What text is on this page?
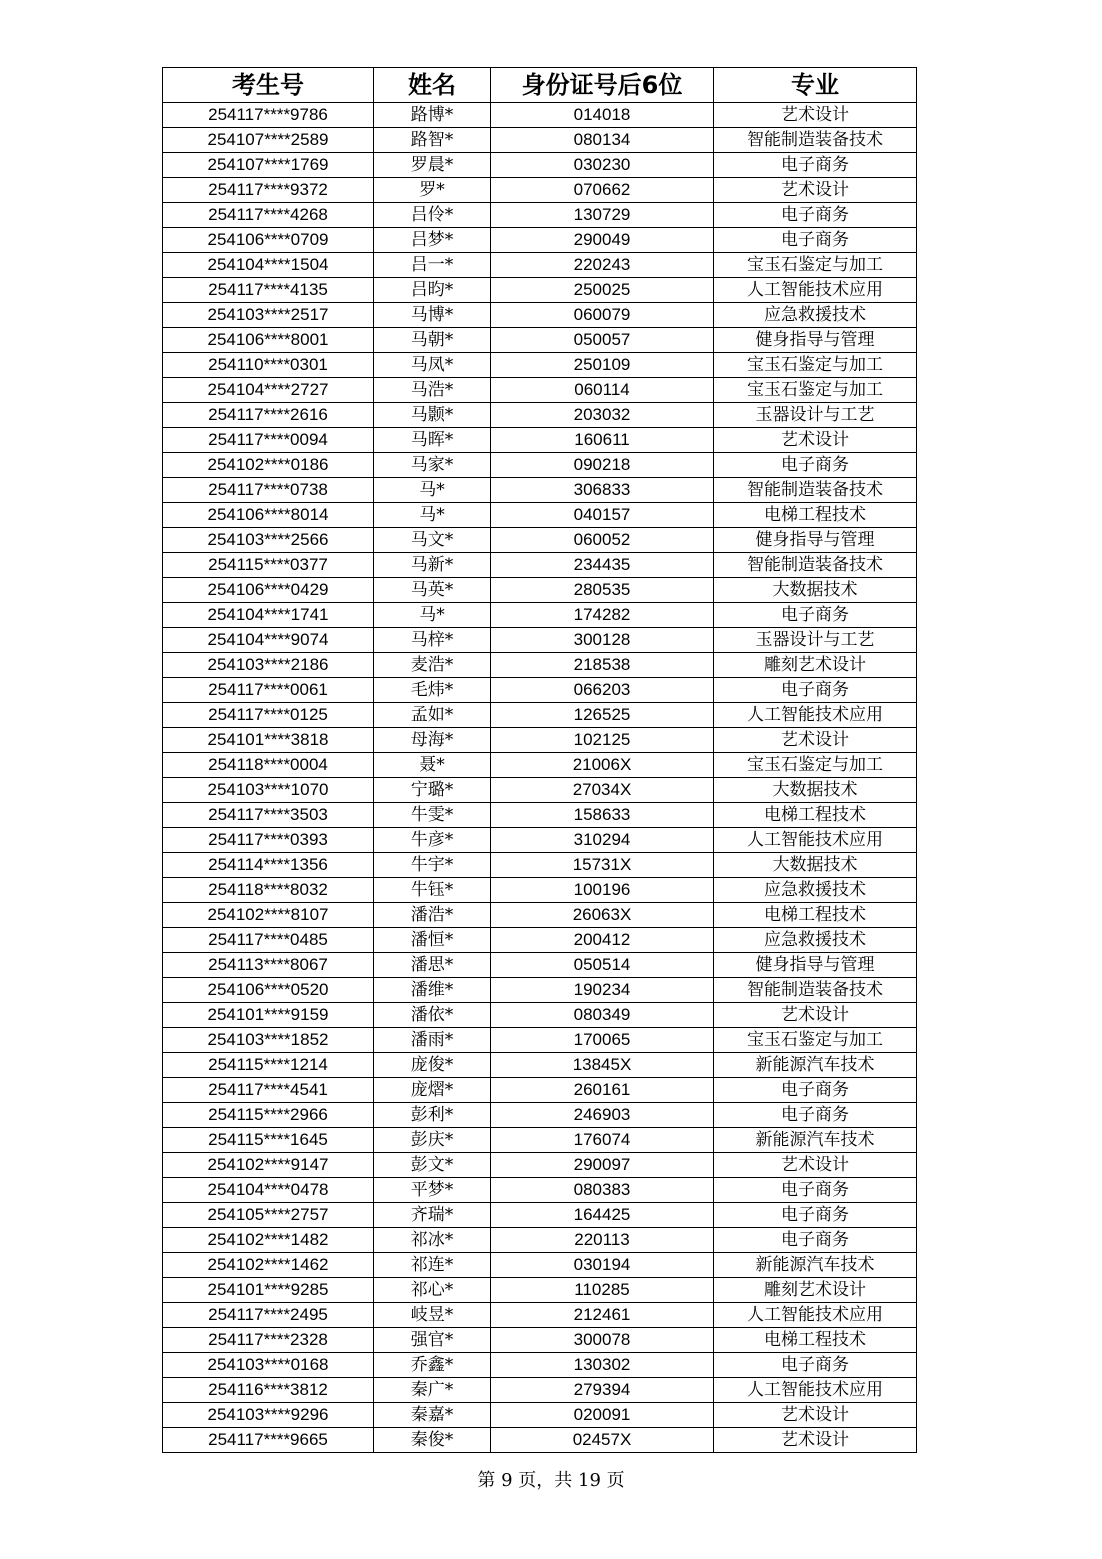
考生号	姓名	身份证号后6位	专业
254117****9786	路博*	014018	艺术设计
254107****2589	路智*	080134	智能制造装备技术
254107****1769	罗晨*	030230	电子商务
254117****9372	罗*	070662	艺术设计
254117****4268	吕伶*	130729	电子商务
254106****0709	吕梦*	290049	电子商务
254104****1504	吕一*	220243	宝玉石鉴定与加工
254117****4135	吕昀*	250025	人工智能技术应用
254103****2517	马博*	060079	应急救援技术
254106****8001	马朝*	050057	健身指导与管理
254110****0301	马凤*	250109	宝玉石鉴定与加工
254104****2727	马浩*	060114	宝玉石鉴定与加工
254117****2616	马颢*	203032	玉器设计与工艺
254117****0094	马晖*	160611	艺术设计
254102****0186	马家*	090218	电子商务
254117****0738	马*	306833	智能制造装备技术
254106****8014	马*	040157	电梯工程技术
254103****2566	马文*	060052	健身指导与管理
254115****0377	马新*	234435	智能制造装备技术
254106****0429	马英*	280535	大数据技术
254104****1741	马*	174282	电子商务
254104****9074	马梓*	300128	玉器设计与工艺
254103****2186	麦浩*	218538	雕刻艺术设计
254117****0061	毛炜*	066203	电子商务
254117****0125	孟如*	126525	人工智能技术应用
254101****3818	母海*	102125	艺术设计
254118****0004	聂*	21006X	宝玉石鉴定与加工
254103****1070	宁璐*	27034X	大数据技术
254117****3503	牛雯*	158633	电梯工程技术
254117****0393	牛彦*	310294	人工智能技术应用
254114****1356	牛宇*	15731X	大数据技术
254118****8032	牛钰*	100196	应急救援技术
254102****8107	潘浩*	26063X	电梯工程技术
254117****0485	潘恒*	200412	应急救援技术
254113****8067	潘思*	050514	健身指导与管理
254106****0520	潘维*	190234	智能制造装备技术
254101****9159	潘依*	080349	艺术设计
254103****1852	潘雨*	170065	宝玉石鉴定与加工
254115****1214	庞俊*	13845X	新能源汽车技术
254117****4541	庞熠*	260161	电子商务
254115****2966	彭利*	246903	电子商务
254115****1645	彭庆*	176074	新能源汽车技术
254102****9147	彭文*	290097	艺术设计
254104****0478	平梦*	080383	电子商务
254105****2757	齐瑞*	164425	电子商务
254102****1482	祁冰*	220113	电子商务
254102****1462	祁连*	030194	新能源汽车技术
254101****9285	祁心*	110285	雕刻艺术设计
254117****2495	岐昱*	212461	人工智能技术应用
254117****2328	强官*	300078	电梯工程技术
254103****0168	乔鑫*	130302	电子商务
254116****3812	秦广*	279394	人工智能技术应用
254103****9296	秦嘉*	020091	艺术设计
254117****9665	秦俊*	02457X	艺术设计
第 9 页，共 19 页
